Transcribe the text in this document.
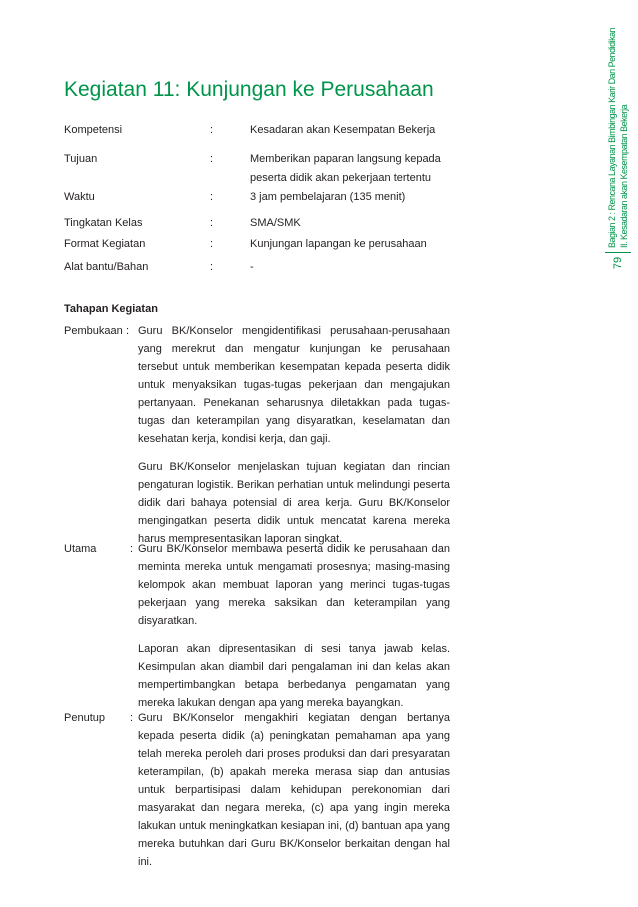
79
Bagian 2 : Rencana Layanan Bimbingan Karir Dan Pendidikan II. Kesadaran akan Kesempatan Bekerja
Kegiatan 11: Kunjungan ke Perusahaan
Kompetensi	:	Kesadaran akan Kesempatan Bekerja
Tujuan	:	Memberikan paparan langsung kepada peserta didik akan pekerjaan tertentu
Waktu	:	3 jam pembelajaran (135 menit)
Tingkatan Kelas	:	SMA/SMK
Format Kegiatan	:	Kunjungan lapangan ke perusahaan
Alat bantu/Bahan	:	-
Tahapan Kegiatan
Pembukaan : Guru BK/Konselor mengidentifikasi perusahaan-perusahaan yang merekrut dan mengatur kunjungan ke perusahaan tersebut untuk memberikan kesempatan kepada peserta didik untuk menyaksikan tugas-tugas pekerjaan dan mengajukan pertanyaan. Penekanan seharusnya diletakkan pada tugas-tugas dan keterampilan yang disyaratkan, keselamatan dan kesehatan kerja, kondisi kerja, dan gaji.

Guru BK/Konselor menjelaskan tujuan kegiatan dan rincian pengaturan logistik. Berikan perhatian untuk melindungi peserta didik dari bahaya potensial di area kerja. Guru BK/Konselor mengingatkan peserta didik untuk mencatat karena mereka harus mempresentasikan laporan singkat.

Utama	: Guru BK/Konselor membawa peserta didik ke perusahaan dan meminta mereka untuk mengamati prosesnya; masing-masing kelompok akan membuat laporan yang merinci tugas-tugas pekerjaan yang mereka saksikan dan keterampilan yang disyaratkan.

Laporan akan dipresentasikan di sesi tanya jawab kelas. Kesimpulan akan diambil dari pengalaman ini dan kelas akan mempertimbangkan betapa berbedanya pengamatan yang mereka lakukan dengan apa yang mereka bayangkan.

Penutup : Guru BK/Konselor mengakhiri kegiatan dengan bertanya kepada peserta didik (a) peningkatan pemahaman apa yang telah mereka peroleh dari proses produksi dan dari presyaratan keterampilan, (b) apakah mereka merasa siap dan antusias untuk berpartisipasi dalam kehidupan perekonomian dari masyarakat dan negara mereka, (c) apa yang ingin mereka lakukan untuk meningkatkan kesiapan ini, (d) bantuan apa yang mereka butuhkan dari Guru BK/Konselor berkaitan dengan hal ini.
